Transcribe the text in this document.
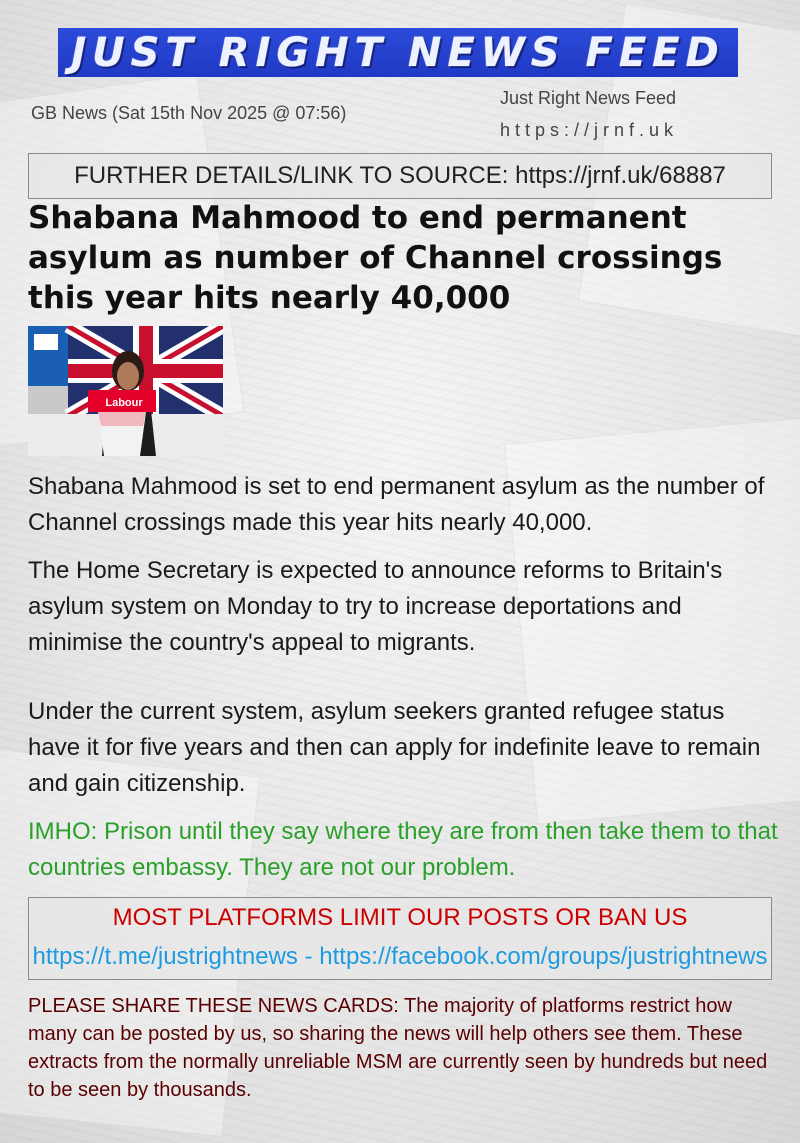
JUST RIGHT NEWS FEED
GB News (Sat 15th Nov 2025 @ 07:56)
Just Right News Feed
https://jrnf.uk
FURTHER DETAILS/LINK TO SOURCE:
https://jrnf.uk/68887
Shabana Mahmood to end permanent asylum as number of Channel crossings this year hits nearly 40,000
Labour

Shabana Mahmood is set to end permanent asylum as the number of Channel crossings made this year hits nearly 40,000.

The Home Secretary is expected to announce reforms to Britain's asylum system on Monday to try to increase deportations and minimise the country's appeal to migrants.

Under the current system, asylum seekers granted refugee status have it for five years and then can apply for indefinite leave to remain and gain citizenship.

IMHO: Prison until they say where they are from then take them to that countries embassy. They are not our problem.

MOST PLATFORMS LIMIT OUR POSTS OR BAN US
https://t.me/justrightnews - https://facebook.com/groups/justrightnews

PLEASE SHARE THESE NEWS CARDS: The majority of platforms restrict how many can be posted by us, so sharing the news will help others see them. These extracts from the normally unreliable MSM are currently seen by hundreds but need to be seen by thousands.
